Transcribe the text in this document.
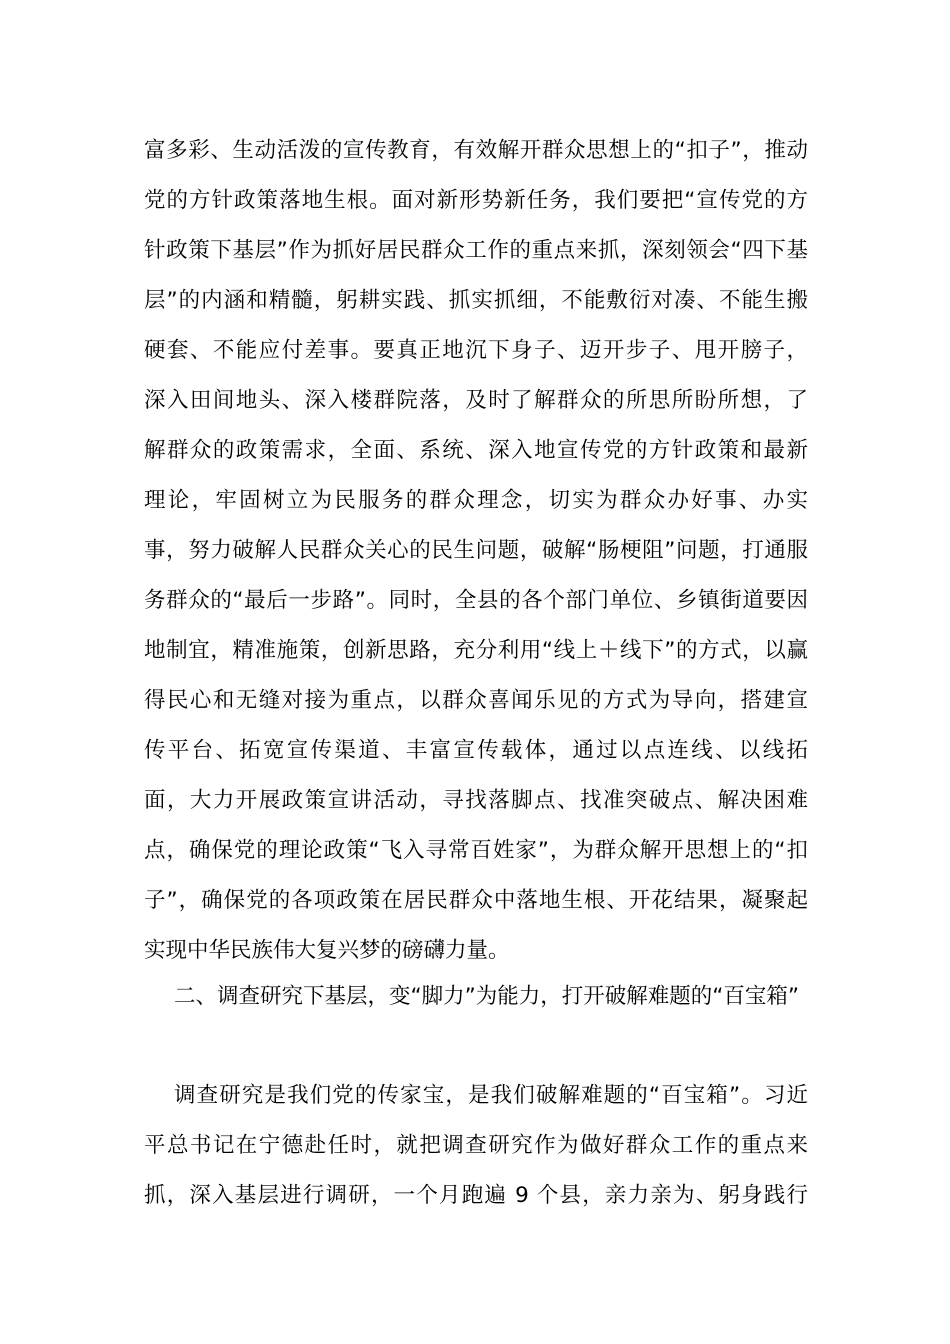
富多彩、生动活泼的宣传教育，有效解开群众思想上的“扣子”，推动
党的方针政策落地生根。面对新形势新任务，我们要把“宣传党的方
针政策下基层”作为抓好居民群众工作的重点来抓，深刻领会“四下基
层”的内涵和精髓，躬耕实践、抓实抓细，不能敷衍对凑、不能生搬
硬套、不能应付差事。要真正地沉下身子、迈开步子、甩开膀子，
深入田间地头、深入楼群院落，及时了解群众的所思所盼所想，了
解群众的政策需求，全面、系统、深入地宣传党的方针政策和最新
理论，牢固树立为民服务的群众理念，切实为群众办好事、办实
事，努力破解人民群众关心的民生问题，破解“肠梗阻”问题，打通服
务群众的“最后一步路”。同时，全县的各个部门单位、乡镇街道要因
地制宜，精准施策，创新思路，充分利用“线上＋线下”的方式，以赢
得民心和无缝对接为重点，以群众喜闻乐见的方式为导向，搭建宣
传平台、拓宽宣传渠道、丰富宣传载体，通过以点连线、以线拓
面，大力开展政策宣讲活动，寻找落脚点、找准突破点、解决困难
点，确保党的理论政策“飞入寻常百姓家”，为群众解开思想上的“扣
子”，确保党的各项政策在居民群众中落地生根、开花结果，凝聚起
实现中华民族伟大复兴梦的磅礴力量。
二、调查研究下基层，变“脚力”为能力，打开破解难题的“百宝箱”
调查研究是我们党的传家宝，是我们破解难题的“百宝箱”。习近
平总书记在宁德赴任时，就把调查研究作为做好群众工作的重点来
抓，深入基层进行调研，一个月跑遍 9 个县，亲力亲为、躬身践行
